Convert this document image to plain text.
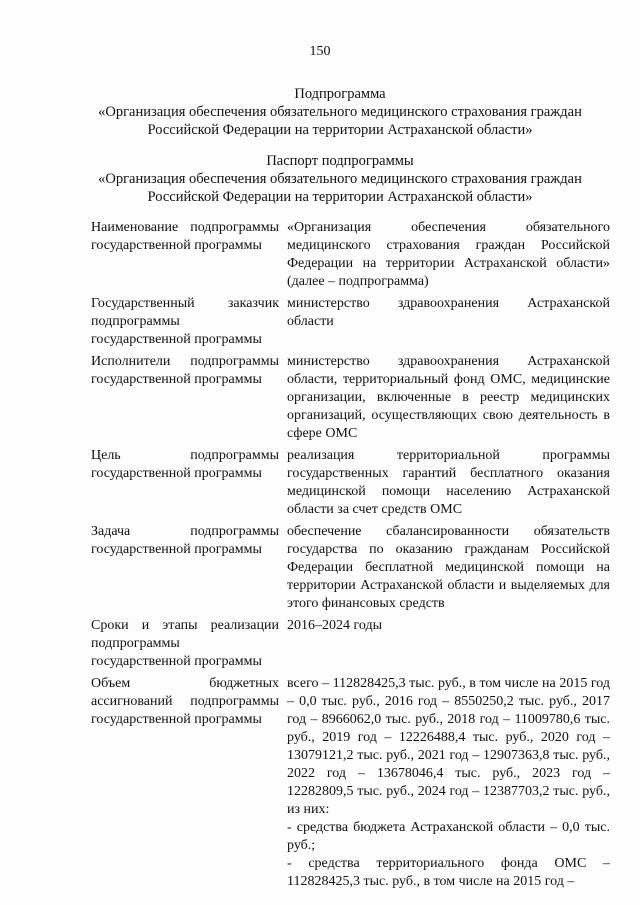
150
Подпрограмма
«Организация обеспечения обязательного медицинского страхования граждан
Российской Федерации на территории Астраханской области»
Паспорт подпрограммы
«Организация обеспечения обязательного медицинского страхования граждан
Российской Федерации на территории Астраханской области»
Наименование подпрограммы государственной программы	«Организация обеспечения обязательного медицинского страхования граждан Российской Федерации на территории Астраханской области» (далее – подпрограмма)
Государственный заказчик подпрограммы государственной программы	министерство здравоохранения Астраханской области
Исполнители подпрограммы государственной программы	министерство здравоохранения Астраханской области, территориальный фонд ОМС, медицинские организации, включенные в реестр медицинских организаций, осуществляющих свою деятельность в сфере ОМС
Цель подпрограммы государственной программы	реализация территориальной программы государственных гарантий бесплатного оказания медицинской помощи населению Астраханской области за счет средств ОМС
Задача подпрограммы государственной программы	обеспечение сбалансированности обязательств государства по оказанию гражданам Российской Федерации бесплатной медицинской помощи на территории Астраханской области и выделяемых для этого финансовых средств
Сроки и этапы реализации подпрограммы государственной программы	2016–2024 годы
Объем бюджетных ассигнований подпрограммы государственной программы	всего – 112828425,3 тыс. руб., в том числе на 2015 год – 0,0 тыс. руб., 2016 год – 8550250,2 тыс. руб., 2017 год – 8966062,0 тыс. руб., 2018 год – 11009780,6 тыс. руб., 2019 год – 12226488,4 тыс. руб., 2020 год – 13079121,2 тыс. руб., 2021 год – 12907363,8 тыс. руб., 2022 год – 13678046,4 тыс. руб., 2023 год – 12282809,5 тыс. руб., 2024 год – 12387703,2 тыс. руб., из них:

- средства бюджета Астраханской области – 0,0 тыс. руб.;

- средства территориального фонда ОМС – 112828425,3 тыс. руб., в том числе на 2015 год –
